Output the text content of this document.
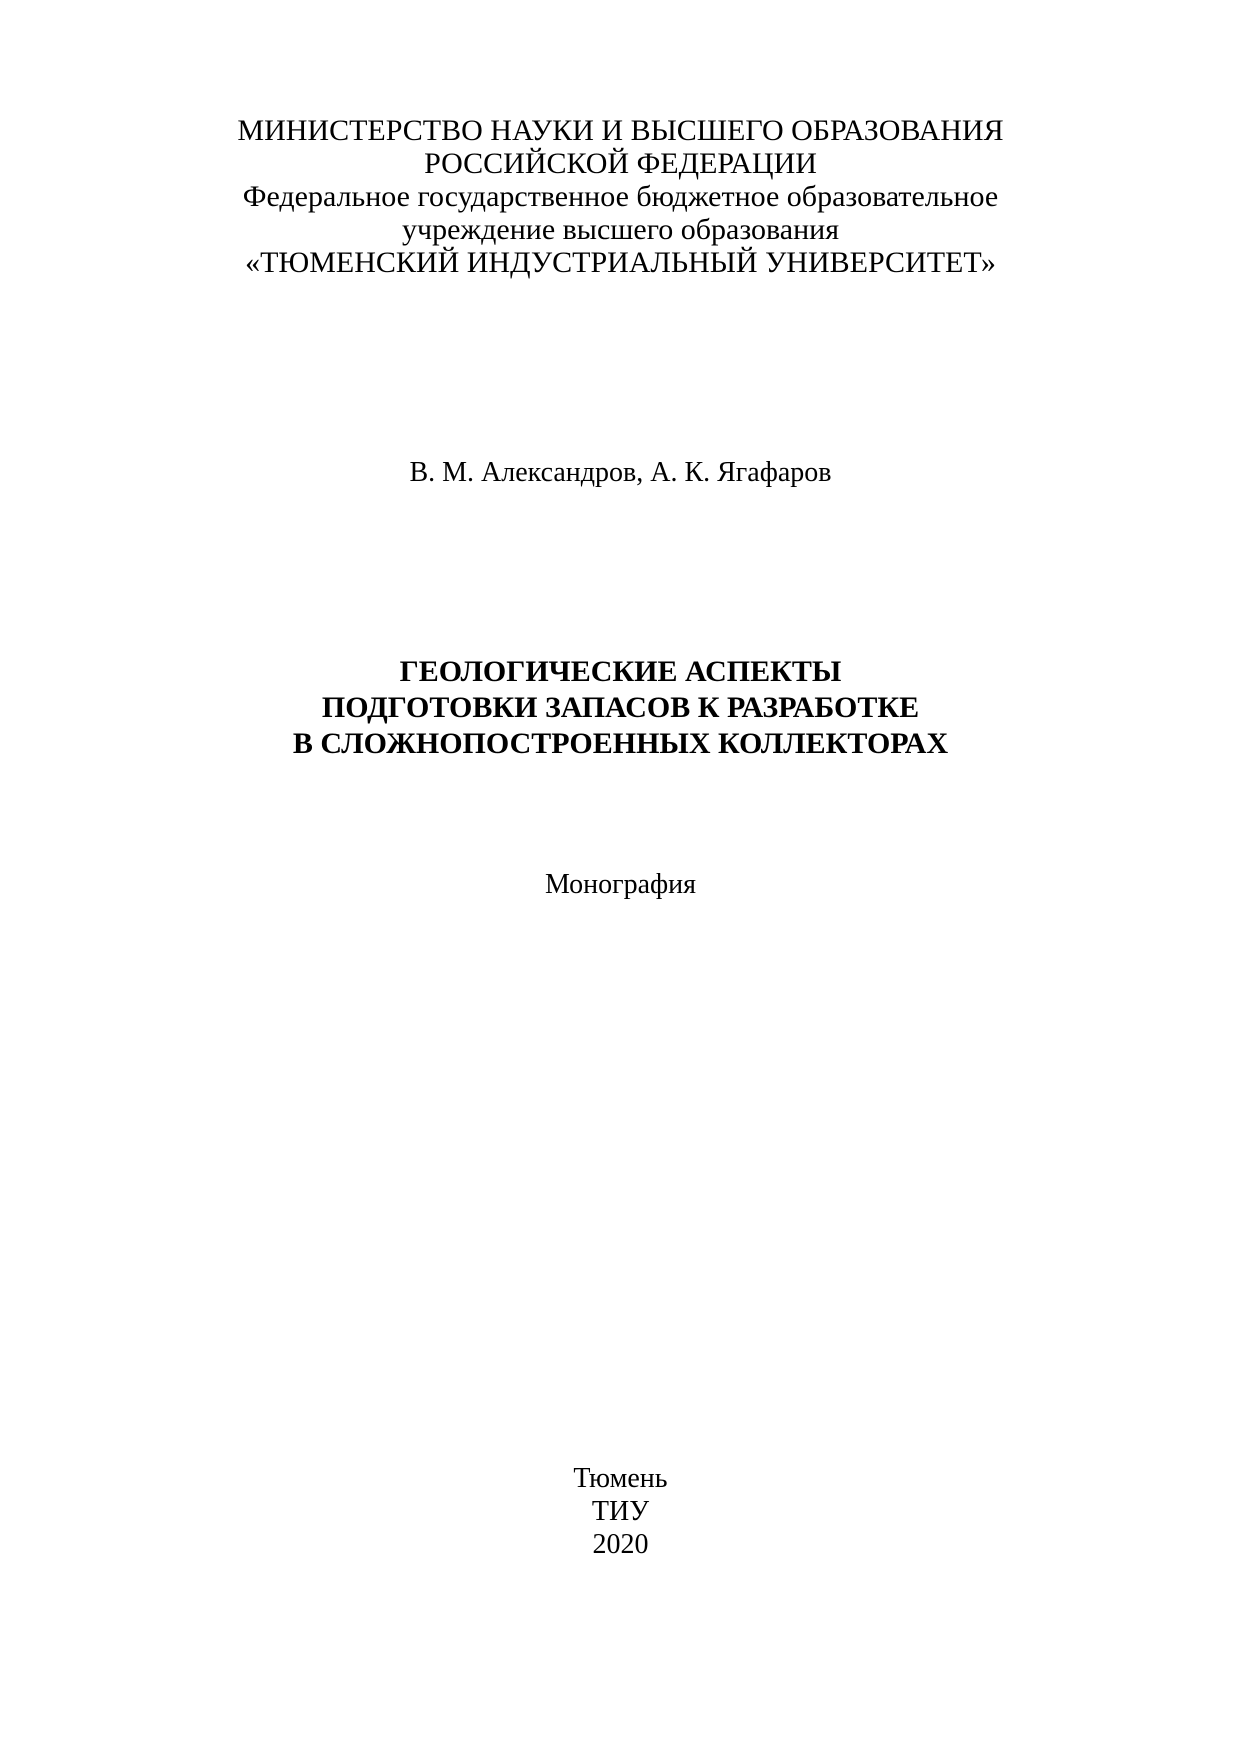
МИНИСТЕРСТВО НАУКИ И ВЫСШЕГО ОБРАЗОВАНИЯ
РОССИЙСКОЙ ФЕДЕРАЦИИ
Федеральное государственное бюджетное образовательное
учреждение высшего образования
«ТЮМЕНСКИЙ ИНДУСТРИАЛЬНЫЙ УНИВЕРСИТЕТ»
В. М. Александров, А. К. Ягафаров
ГЕОЛОГИЧЕСКИЕ АСПЕКТЫ
ПОДГОТОВКИ ЗАПАСОВ К РАЗРАБОТКЕ
В СЛОЖНОПОСТРОЕННЫХ КОЛЛЕКТОРАХ
Монография
Тюмень
ТИУ
2020
